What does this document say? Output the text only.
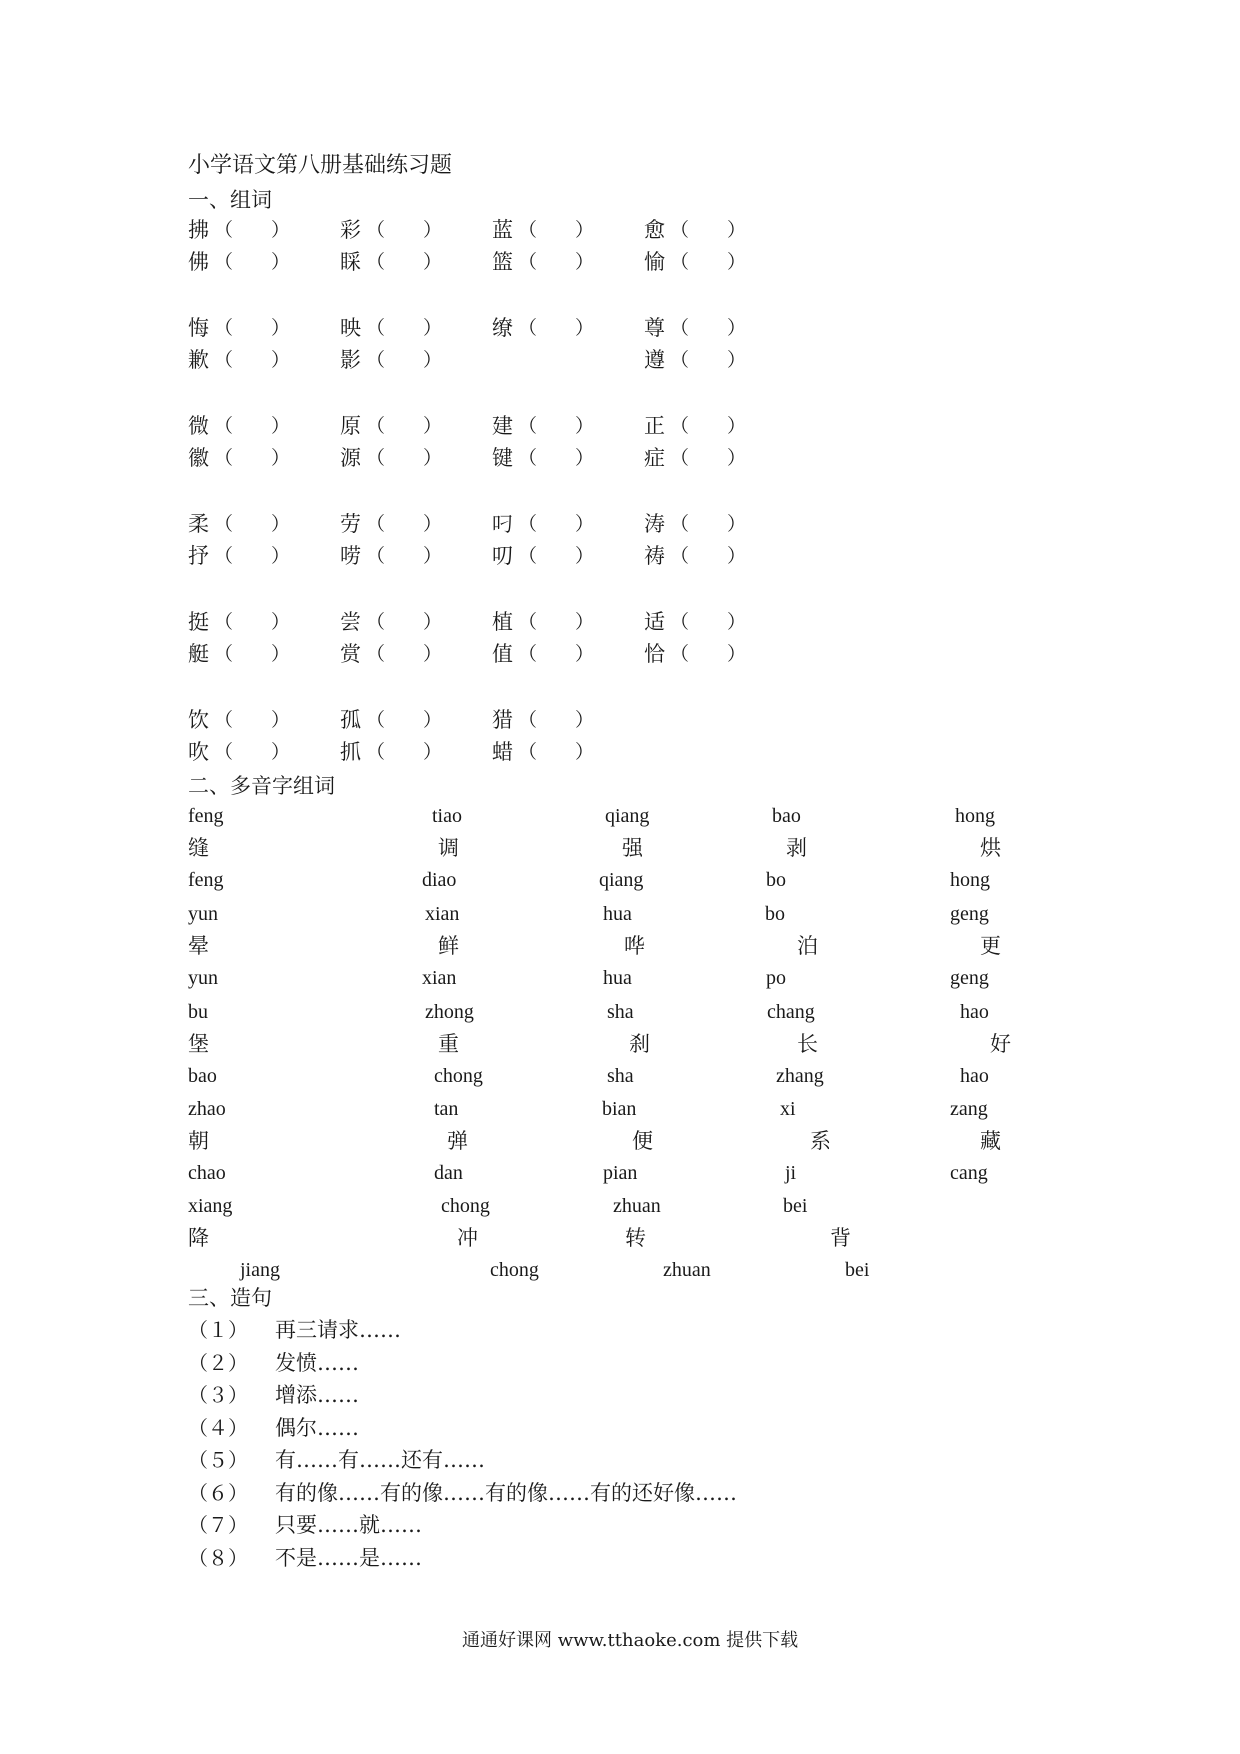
小学语文第八册基础练习题
一、组词
拂 （　　） 彩 （　　） 蓝 （　　） 愈 （　　）
佛 （　　） 睬 （　　） 篮 （　　） 愉 （　　）
悔 （　　） 映 （　　） 缭 （　　） 尊 （　　）
歉 （　　） 影 （　　）	遵 （　　）
微 （　　） 原 （　　） 建 （　　） 正 （　　）
徽 （　　） 源 （　　） 键 （　　） 症 （　　）
柔 （　　） 劳 （　　） 叼 （　　） 涛 （　　）
抒 （　　） 唠 （　　） 叨 （　　） 祷 （　　）
挺 （　　） 尝 （　　） 植 （　　） 适 （　　）
艇 （　　） 赏 （　　） 值 （　　） 恰 （　　）
饮 （　　） 孤 （　　） 猎 （　　）
吹 （　　） 抓 （　　） 蜡 （　　）
二、多音字组词
feng	tiao	qiang	bao	hong
缝	调	强	剥	烘
feng	diao	qiang	bo	hong
yun	xian	hua	bo	geng
晕	鲜	哗	泊	更
yun	xian	hua	po	geng
bu	zhong	sha	chang	hao
堡	重	刹	长	好
bao	chong	sha	zhang	hao
zhao	tan	bian	xi	zang
朝	弹	便	系	藏
chao	dan	pian	ji	cang
xiang	chong	zhuan	bei
降	冲	转	背
jiang	chong	zhuan	bei
三、造句
（１） 再三请求……
（２） 发愤……
（３） 增添……
（４） 偶尔……
（５） 有……有……还有……
（６） 有的像……有的像……有的像……有的还好像……
（７） 只要……就……
（８） 不是……是……
通通好课网 www.tthaoke.com 提供下载
